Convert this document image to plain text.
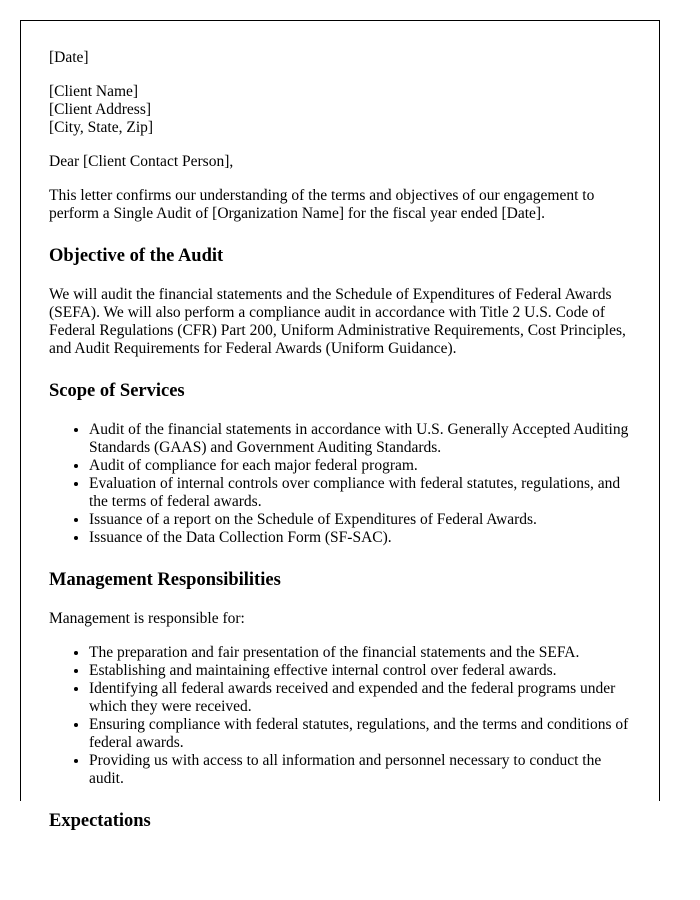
[Date]

[Client Name]
[Client Address]
[City, State, Zip]

Dear [Client Contact Person],

This letter confirms our understanding of the terms and objectives of our engagement to perform a Single Audit of [Organization Name] for the fiscal year ended [Date].

Objective of the Audit

We will audit the financial statements and the Schedule of Expenditures of Federal Awards (SEFA). We will also perform a compliance audit in accordance with Title 2 U.S. Code of Federal Regulations (CFR) Part 200, Uniform Administrative Requirements, Cost Principles, and Audit Requirements for Federal Awards (Uniform Guidance).

Scope of Services
• Audit of the financial statements in accordance with U.S. Generally Accepted Auditing Standards (GAAS) and Government Auditing Standards.
• Audit of compliance for each major federal program.
• Evaluation of internal controls over compliance with federal statutes, regulations, and the terms of federal awards.
• Issuance of a report on the Schedule of Expenditures of Federal Awards.
• Issuance of the Data Collection Form (SF-SAC).
Management Responsibilities

Management is responsible for:

• The preparation and fair presentation of the financial statements and the SEFA.
• Establishing and maintaining effective internal control over federal awards.
• Identifying all federal awards received and expended and the federal programs under which they were received.
• Ensuring compliance with federal statutes, regulations, and the terms and conditions of federal awards.
• Providing us with access to all information and personnel necessary to conduct the audit.
Expectations
